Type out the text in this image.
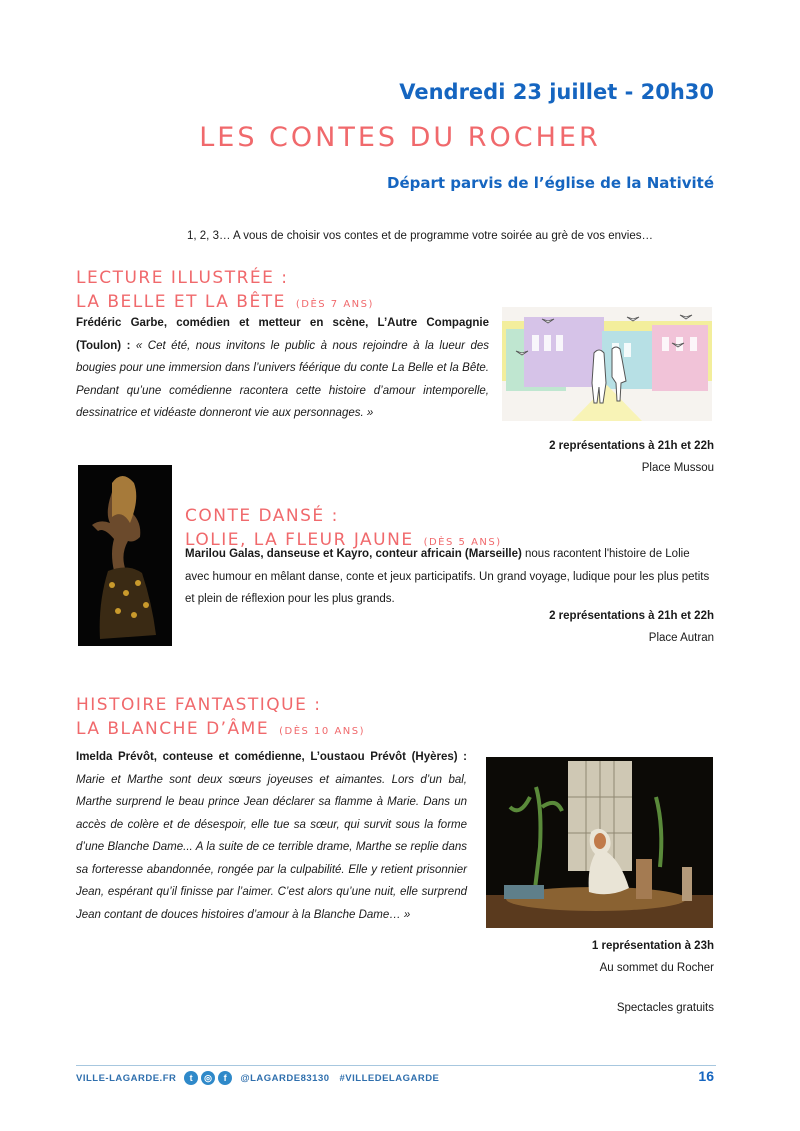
Vendredi 23 juillet - 20h30
LES CONTES DU ROCHER
Départ parvis de l’église de la Nativité

1, 2, 3… A vous de choisir vos contes et de programme votre soirée au grè de vos envies…

LECTURE ILLUSTRÉE :
LA BELLE ET LA BÊTE (DÈS 7 ANS)

Frédéric Garbe, comédien et metteur en scène, L’Autre Compagnie (Toulon) : « Cet été, nous invitons le public à nous rejoindre à la lueur des bougies pour une immersion dans l’univers féérique du conte La Belle et la Bête. Pendant qu’une comédienne racontera cette histoire d’amour intemporelle, dessinatrice et vidéaste donneront vie aux personnages. »

2 représentations à 21h et 22h
Place Mussou
CONTE DANSÉ :
LOLIE, LA FLEUR JAUNE (DÈS 5 ANS)

Marilou Galas, danseuse et Kayro, conteur africain (Marseille) nous racontent l'histoire de Lolie avec humour en mêlant danse, conte et jeux participatifs. Un grand voyage, ludique pour les plus petits et plein de réflexion pour les plus grands.

2 représentations à 21h et 22h
Place Autran
HISTOIRE FANTASTIQUE :
LA BLANCHE D’ÂME (DÈS 10 ANS)

Imelda Prévôt, conteuse et comédienne, L’oustaou Prévôt (Hyères) : Marie et Marthe sont deux sœurs joyeuses et aimantes. Lors d’un bal, Marthe surprend le beau prince Jean déclarer sa flamme à Marie. Dans un accès de colère et de désespoir, elle tue sa sœur, qui survit sous la forme d’une Blanche Dame... A la suite de ce terrible drame, Marthe se replie dans sa forteresse abandonnée, rongée par la culpabilité. Elle y retient prisonnier Jean, espérant qu’il finisse par l’aimer. C’est alors qu’une nuit, elle surprend Jean contant de douces histoires d’amour à la Blanche Dame… »

1 représentation à 23h
Au sommet du Rocher
Spectacles gratuits
VILLE-LAGARDE.FR	t	◎	f	@LAGARDE83130 #VILLEDELAGARDE	16
